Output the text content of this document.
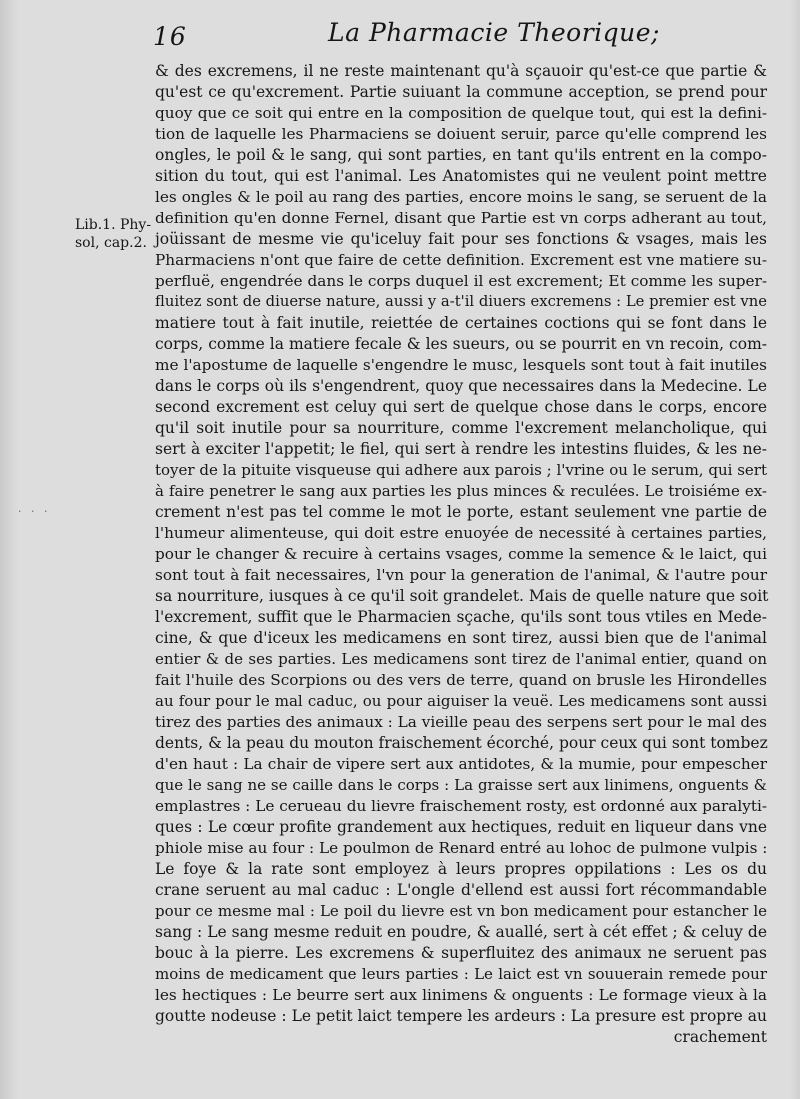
16	La Pharmacie Theorique;
Lib.1. Phy-
sol, cap.2.
· · ·
& des excremens, il ne reste maintenant qu'à sçauoir qu'est-ce que partie &
qu'est ce qu'excrement. Partie suiuant la commune acception, se prend pour
quoy que ce soit qui entre en la composition de quelque tout, qui est la defini-
tion de laquelle les Pharmaciens se doiuent seruir, parce qu'elle comprend les
ongles, le poil & le sang, qui sont parties, en tant qu'ils entrent en la compo-
sition du tout, qui est l'animal. Les Anatomistes qui ne veulent point mettre
les ongles & le poil au rang des parties, encore moins le sang, se seruent de la
definition qu'en donne Fernel, disant que Partie est vn corps adherant au tout,
joüissant de mesme vie qu'iceluy fait pour ses fonctions & vsages, mais les
Pharmaciens n'ont que faire de cette definition. Excrement est vne matiere su-
perfluë, engendrée dans le corps duquel il est excrement; Et comme les super-
fluitez sont de diuerse nature, aussi y a-t'il diuers excremens : Le premier est vne
matiere tout à fait inutile, reiettée de certaines coctions qui se font dans le
corps, comme la matiere fecale & les sueurs, ou se pourrit en vn recoin, com-
me l'apostume de laquelle s'engendre le musc, lesquels sont tout à fait inutiles
dans le corps où ils s'engendrent, quoy que necessaires dans la Medecine. Le
second excrement est celuy qui sert de quelque chose dans le corps, encore
qu'il soit inutile pour sa nourriture, comme l'excrement melancholique, qui
sert à exciter l'appetit; le fiel, qui sert à rendre les intestins fluides, & les ne-
toyer de la pituite visqueuse qui adhere aux parois ; l'vrine ou le serum, qui sert
à faire penetrer le sang aux parties les plus minces & reculées. Le troisiéme ex-
crement n'est pas tel comme le mot le porte, estant seulement vne partie de
l'humeur alimenteuse, qui doit estre enuoyée de necessité à certaines parties,
pour le changer & recuire à certains vsages, comme la semence & le laict, qui
sont tout à fait necessaires, l'vn pour la generation de l'animal, & l'autre pour
sa nourriture, iusques à ce qu'il soit grandelet. Mais de quelle nature que soit
l'excrement, suffit que le Pharmacien sçache, qu'ils sont tous vtiles en Mede-
cine, & que d'iceux les medicamens en sont tirez, aussi bien que de l'animal
entier & de ses parties. Les medicamens sont tirez de l'animal entier, quand on
fait l'huile des Scorpions ou des vers de terre, quand on brusle les Hirondelles
au four pour le mal caduc, ou pour aiguiser la veuë. Les medicamens sont aussi
tirez des parties des animaux : La vieille peau des serpens sert pour le mal des
dents, & la peau du mouton fraischement écorché, pour ceux qui sont tombez
d'en haut : La chair de vipere sert aux antidotes, & la mumie, pour empescher
que le sang ne se caille dans le corps : La graisse sert aux linimens, onguents &
emplastres : Le cerueau du lievre fraischement rosty, est ordonné aux paralyti-
ques : Le cœur profite grandement aux hectiques, reduit en liqueur dans vne
phiole mise au four : Le poulmon de Renard entré au lohoc de pulmone vulpis :
Le foye & la rate sont employez à leurs propres oppilations : Les os du
crane seruent au mal caduc : L'ongle d'ellend est aussi fort récommandable
pour ce mesme mal : Le poil du lievre est vn bon medicament pour estancher le
sang : Le sang mesme reduit en poudre, & auallé, sert à cét effet ; & celuy de
bouc à la pierre. Les excremens & superfluitez des animaux ne seruent pas
moins de medicament que leurs parties : Le laict est vn souuerain remede pour
les hectiques : Le beurre sert aux linimens & onguents : Le formage vieux à la
goutte nodeuse : Le petit laict tempere les ardeurs : La presure est propre au
crachement
